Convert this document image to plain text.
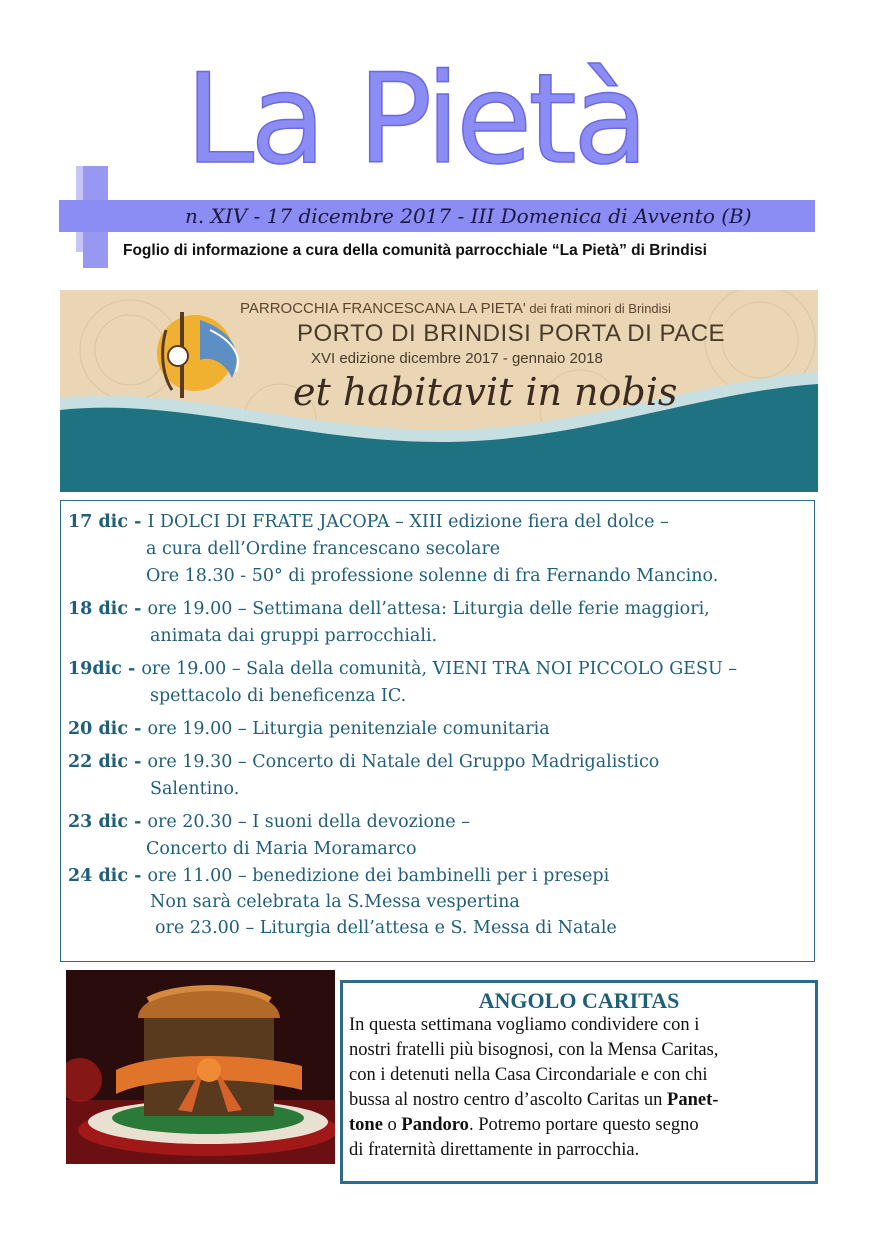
La Pietà
n. XIV - 17 dicembre 2017 - III Domenica di Avvento (B)
Foglio di informazione a cura della comunità parrocchiale “La Pietà” di Brindisi
PARROCCHIA FRANCESCANA LA PIETA' dei frati minori di Brindisi
PORTO DI BRINDISI PORTA DI PACE
XVI edizione dicembre 2017 - gennaio 2018
et habitavit in nobis
17 dic - I DOLCI DI FRATE JACOPA – XIII edizione fiera del dolce –
a cura dell’Ordine francescano secolare
Ore 18.30 - 50° di professione solenne di fra Fernando Mancino.
18 dic - ore 19.00 – Settimana dell’attesa: Liturgia delle ferie maggiori,
animata dai gruppi parrocchiali.
19dic - ore 19.00 – Sala della comunità, VIENI TRA NOI PICCOLO GESU –
spettacolo di beneficenza IC.
20 dic - ore 19.00 – Liturgia penitenziale comunitaria
22 dic - ore 19.30 – Concerto di Natale del Gruppo Madrigalistico
Salentino.
23 dic - ore 20.30 – I suoni della devozione –
Concerto di Maria Moramarco
24 dic - ore 11.00 – benedizione dei bambinelli per i presepi
Non sarà celebrata la S.Messa vespertina
ore 23.00 – Liturgia dell’attesa e S. Messa di Natale
ANGOLO CARITAS
In questa settimana vogliamo condividere con i
nostri fratelli più bisognosi, con la Mensa Caritas,
con i detenuti nella Casa Circondariale e con chi
bussa al nostro centro d’ascolto Caritas un Panet-
tone o Pandoro. Potremo portare questo segno
di fraternità direttamente in parrocchia.
